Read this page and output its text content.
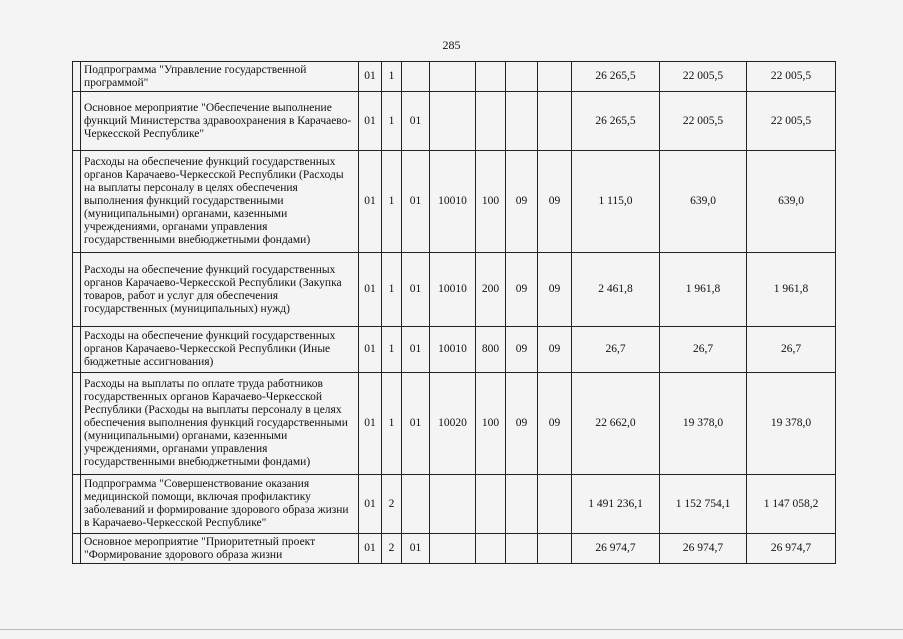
285
	Подпрограмма "Управление государственной программой"	01	1						26 265,5	22 005,5	22 005,5
	Основное мероприятие "Обеспечение выполнение функций Министерства здравоохранения в Карачаево-Черкесской Республике"	01	1	01					26 265,5	22 005,5	22 005,5
	Расходы на обеспечение функций государственных органов Карачаево-Черкесской Республики (Расходы на выплаты персоналу в целях обеспечения выполнения функций государственными (муниципальными) органами, казенными учреждениями, органами управления государственными внебюджетными фондами)	01	1	01	10010	100	09	09	1 115,0	639,0	639,0
	Расходы на обеспечение функций государственных органов Карачаево-Черкесской Республики (Закупка товаров, работ и услуг для обеспечения государственных (муниципальных) нужд)	01	1	01	10010	200	09	09	2 461,8	1 961,8	1 961,8
	Расходы на обеспечение функций государственных органов Карачаево-Черкесской Республики (Иные бюджетные ассигнования)	01	1	01	10010	800	09	09	26,7	26,7	26,7
	Расходы на выплаты по оплате труда работников государственных органов Карачаево-Черкесской Республики (Расходы на выплаты персоналу в целях обеспечения выполнения функций государственными (муниципальными) органами, казенными учреждениями, органами управления государственными внебюджетными фондами)	01	1	01	10020	100	09	09	22 662,0	19 378,0	19 378,0
	Подпрограмма "Совершенствование оказания медицинской помощи, включая профилактику заболеваний и формирование здорового образа жизни в Карачаево-Черкесской Республике"	01	2						1 491 236,1	1 152 754,1	1 147 058,2
	Основное мероприятие "Приоритетный проект "Формирование здорового образа жизни	01	2	01					26 974,7	26 974,7	26 974,7
